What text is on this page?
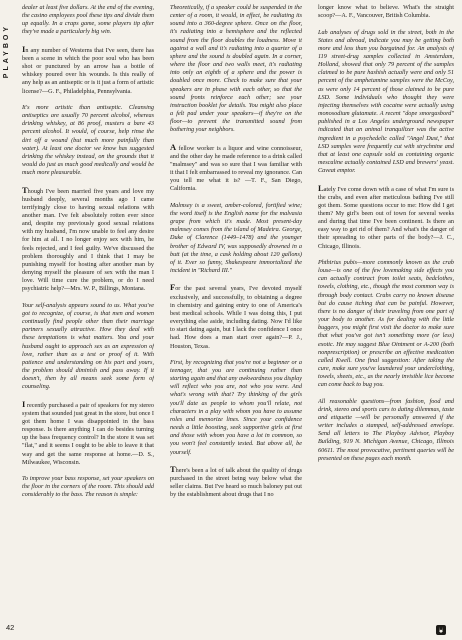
PLAYBOY

dealer at least five dollars. At the end of the evening, the casino employees pool these tips and divide them up equally. In a craps game, some players tip after they've made a particularly big win.

In any number of Westerns that I've seen, there has been a scene in which the poor soul who has been shot or punctured by an arrow has a bottle of whiskey poured over his wounds. Is this really of any help as an antiseptic or is it just a form of artistic license?—G. F., Philadelphia, Pennsylvania.

It's more artistic than antiseptic. Cleansing antiseptics are usually 70 percent alcohol, whereas drinking whiskey, at 86 proof, musters a bare 43 percent alcohol. It would, of course, help rinse the dirt off a wound (but much more painfully than water). At least one doctor we know has suggested drinking the whiskey instead, on the grounds that it would do just as much good medically and would be much more pleasurable.

Though I've been married five years and love my husband deeply, several months ago I came terrifyingly close to having sexual relations with another man. I've felt absolutely rotten ever since and, despite my previously good sexual relations with my husband, I'm now unable to feel any desire for him at all. I no longer enjoy sex with him, he feels rejected, and I feel guilty. We've discussed the problem thoroughly and I think that I may be punishing myself for hosting after another man by denying myself the pleasure of sex with the man I love. Will time cure the problem, or do I need psychiatric help?—Mrs. W. P., Billings, Montana.

Your self-analysis appears sound to us. What you've got to recognize, of course, is that men and women continually find people other than their marriage partners sexually attractive. How they deal with these temptations is what matters. You and your husband ought to approach sex as an expression of love, rather than as a test or proof of it. With patience and understanding on his part and yours, the problem should diminish and pass away. If it doesn't, then by all means seek some form of counseling.

I recently purchased a pair of speakers for my stereo system that sounded just great in the store, but once I got them home I was disappointed in the bass response. Is there anything I can do besides turning up the bass frequency control? In the store it was set "flat," and it seems I ought to be able to leave it that way and get the same response at home.—D. S., Milwaukee, Wisconsin.

To improve your bass response, set your speakers on the floor in the corners of the room. This should add considerably to the bass. The reason is simple:

Theoretically, if a speaker could be suspended in the center of a room, it would, in effect, be radiating its sound into a 360-degree sphere. Once on the floor, it's radiating into a hemisphere and the reflected sound from the floor doubles the loudness. Move it against a wall and it's radiating into a quarter of a sphere and the sound is doubled again. In a corner, where the floor and two walls meet, it's radiating into only an eighth of a sphere and the power is doubled once more. Check to make sure that your speakers are in phase with each other, so that the sound fronts reinforce each other; see your instruction booklet for details. You might also place a felt pad under your speakers—if they're on the floor—to prevent the transmitted sound from bothering your neighbors.

A fellow worker is a liquor and wine connoisseur, and the other day he made reference to a drink called "malmsey" and was so sure that I was familiar with it that I felt embarrassed to reveal my ignorance. Can you tell me what it is? —T. F., San Diego, California.

Malmsey is a sweet, amber-colored, fortified wine; the word itself is the English name for the malvasia grape from which it's made. Most present-day malmsey comes from the island of Madeira. George, Duke of Clarence (1449–1478) and the younger brother of Edward IV, was supposedly drowned in a butt (at the time, a cask holding about 120 gallons) of it. Ever so funny, Shakespeare immortalized the incident in "Richard III."

For the past several years, I've devoted myself exclusively, and successfully, to obtaining a degree in chemistry and gaining entry to one of America's best medical schools. While I was doing this, I put everything else aside, including dating. Now I'd like to start dating again, but I lack the confidence I once had. How does a man start over again?—P. J., Houston, Texas.

First, by recognizing that you're not a beginner or a teenager, that you are continuing rather than starting again and that any awkwardness you display will reflect who you are, not who you were. And what's wrong with that? Try thinking of the girls you'll date as people to whom you'll relate, not characters in a play with whom you have to assume roles and memorize lines. Since your confidence needs a little boosting, seek supportive girls at first and those with whom you have a lot in common, so you won't feel constantly tested. But above all, be yourself.

There's been a lot of talk about the quality of drugs purchased in the street being way below what the seller claims. But I've heard so much baloney put out by the establishment about drugs that I no

longer know what to believe. What's the straight scoop?—A. F., Vancouver, British Columbia.

Lab analyses of drugs sold in the street, both in the States and abroad, indicate you may be getting both more and less than you bargained for. An analysis of 119 street-drug samples collected in Amsterdam, Holland, showed that only 79 percent of the samples claimed to be pure hashish actually were and only 51 percent of the amphetamine samples were the McCoy, as were only 14 percent of those claimed to be pure LSD. Some individuals who thought they were injecting themselves with cocaine were actually using monosodium glutamate. A recent "dope smorgasbord" published in a Los Angeles underground newspaper indicated that an animal tranquilizer was the active ingredient in a psychedelic called "Angel Dust," that LSD samples were frequently cut with strychnine and that at least one capsule sold as containing organic mescaline actually contained LSD and brewers' yeast. Caveat emptor.

Lately I've come down with a case of what I'm sure is the crabs, and even after meticulous bathing I've still got them. Some questions occur to me: How did I get them? My girl's been out of town for several weeks and during that time I've been continent. Is there an easy way to get rid of them? And what's the danger of their spreading to other parts of the body?—J. C., Chicago, Illinois.

Phthirius pubis—more commonly known as the crab louse—is one of the few lovemaking side effects you can actually contract from toilet seats, bedclothes, towels, clothing, etc., though the most common way is through body contact. Crabs carry no known disease but do cause itching that can be painful. However, there is no danger of their traveling from one part of your body to another. As for dealing with the little buggers, you might first visit the doctor to make sure that what you've got isn't something more (or less) exotic. He may suggest Blue Ointment or A-200 (both nonprescription) or prescribe an effective medication called Kwell. One final suggestion: After taking the cure, make sure you've laundered your underclothing, towels, sheets, etc., as the nearly invisible lice become can come back to bug you.

All reasonable questions—from fashion, food and drink, stereo and sports cars to dating dilemmas, taste and etiquette —will be personally answered if the writer includes a stamped, self-addressed envelope. Send all letters to The Playboy Advisor, Playboy Building, 919 N. Michigan Avenue, Chicago, Illinois 60611. The most provocative, pertinent queries will be presented on these pages each month.

42
